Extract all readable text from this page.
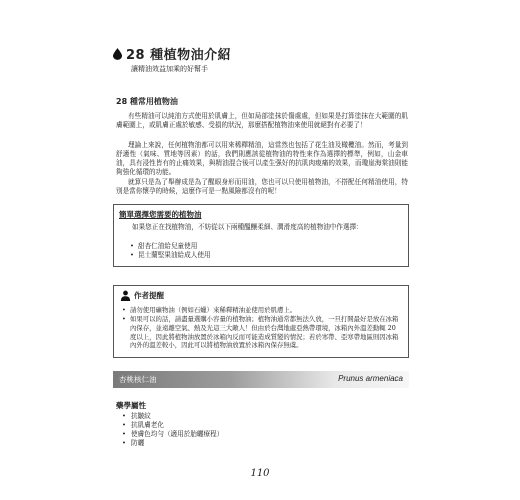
28 種植物油介紹
讓精油效益加乘的好幫手
28 種常用植物油
有些精油可以純油方式使用於肌膚上，但如局部塗抹於傷處處，但如果是打算塗抹在大範圍的肌膚範圍上，或肌膚正處於敏感、受損的狀況，那麼搭配植物油來使用就絕對有必要了！
理論上來說，任何植物油都可以用來稀釋精油，這當然也包括了花生油及橄欖油。然而，考量到舒適性（氣味、質地等因素）的話，我們則應該從植物油的特性來作為選擇的標準，例如，山金車油，具有浸性皆有的止痛效果，與精油混合後可以產生强好的抗肌肉痠痛的效果，而瓊崖海棠油則能夠強化循環的功能。
就算只是為了舉辦成是為了醒眼身形而用油，您也可以只使用植物油，不搭配任何精油使用，特別是當你懷孕的時候，這麼作可是一點風險都沒有的呢！
簡單選擇您需要的植物油
如果您正在找植物油，不妨從以下兩種醞釀柔細、潤滑度高的植物油中作選擇：
• 甜杏仁油給兒童使用
• 昆士蘭堅果油給成人使用
作者提醒
• 請勿使用礦物油（例如石蠟）來稀釋精油並使用於肌膚上。
• 如果可以的話，請盡量選購小容量的植物油；植物油通常都無法久放，一旦打開最好是放在冰箱內保存，並遠離空氣、熱及光這三大敵人！但由於台灣地處亞熱帶環境，冰箱內外溫差動輒 20 度以上，因此將植物油放置於冰箱內反而可能造成質變的情況；若於寒帶、亞寒帶地區則因冰箱內外的溫差較小，因此可以將植物油放置於冰箱內保存無虞。
杏桃核仁油	Prunus armeniaca
藥學屬性
• 抗皺紋
• 抗肌膚老化
• 使膚色均勻（適用於胎曬療程）
• 防曬
110
